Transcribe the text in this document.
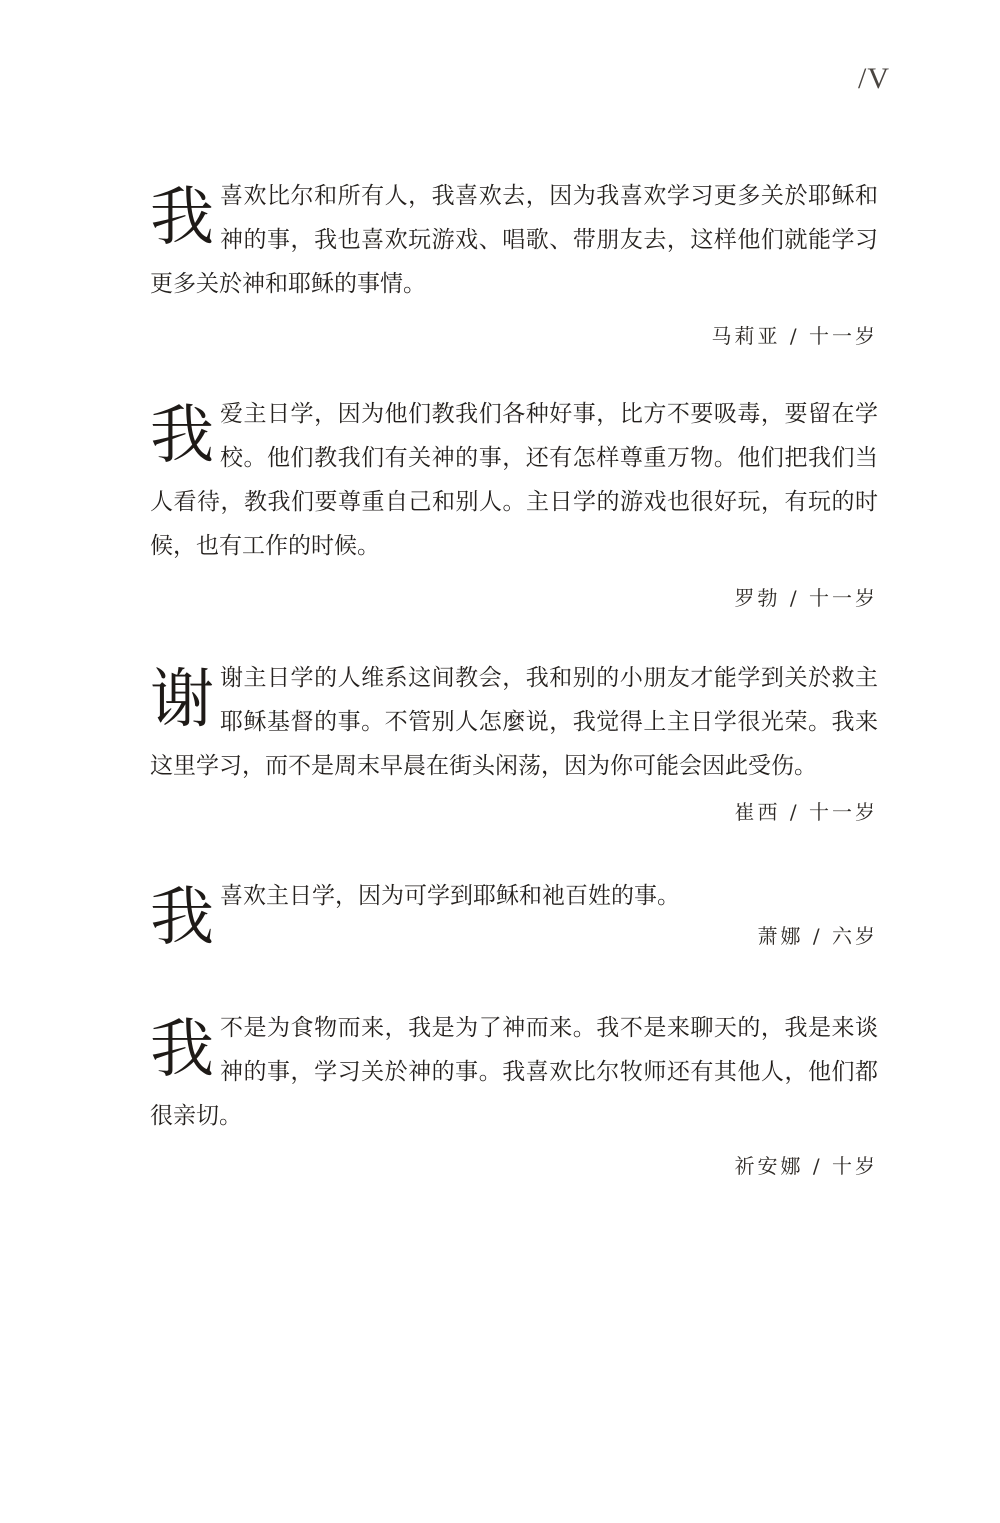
/V

我喜欢比尔和所有人，我喜欢去，因为我喜欢学习更多关於耶稣和神的事，我也喜欢玩游戏、唱歌、带朋友去，这样他们就能学习更多关於神和耶稣的事情。

马莉亚 / 十一岁

我爱主日学，因为他们教我们各种好事，比方不要吸毒，要留在学校。他们教我们有关神的事，还有怎样尊重万物。他们把我们当人看待，教我们要尊重自己和别人。主日学的游戏也很好玩，有玩的时候，也有工作的时候。

罗勃 / 十一岁

谢谢主日学的人维系这间教会，我和别的小朋友才能学到关於救主耶稣基督的事。不管别人怎麼说，我觉得上主日学很光荣。我来这里学习，而不是周末早晨在街头闲荡，因为你可能会因此受伤。

崔西 / 十一岁

我喜欢主日学，因为可学到耶稣和祂百姓的事。

萧娜 / 六岁

我不是为食物而来，我是为了神而来。我不是来聊天的，我是来谈神的事，学习关於神的事。我喜欢比尔牧师还有其他人，他们都很亲切。

祈安娜 / 十岁
